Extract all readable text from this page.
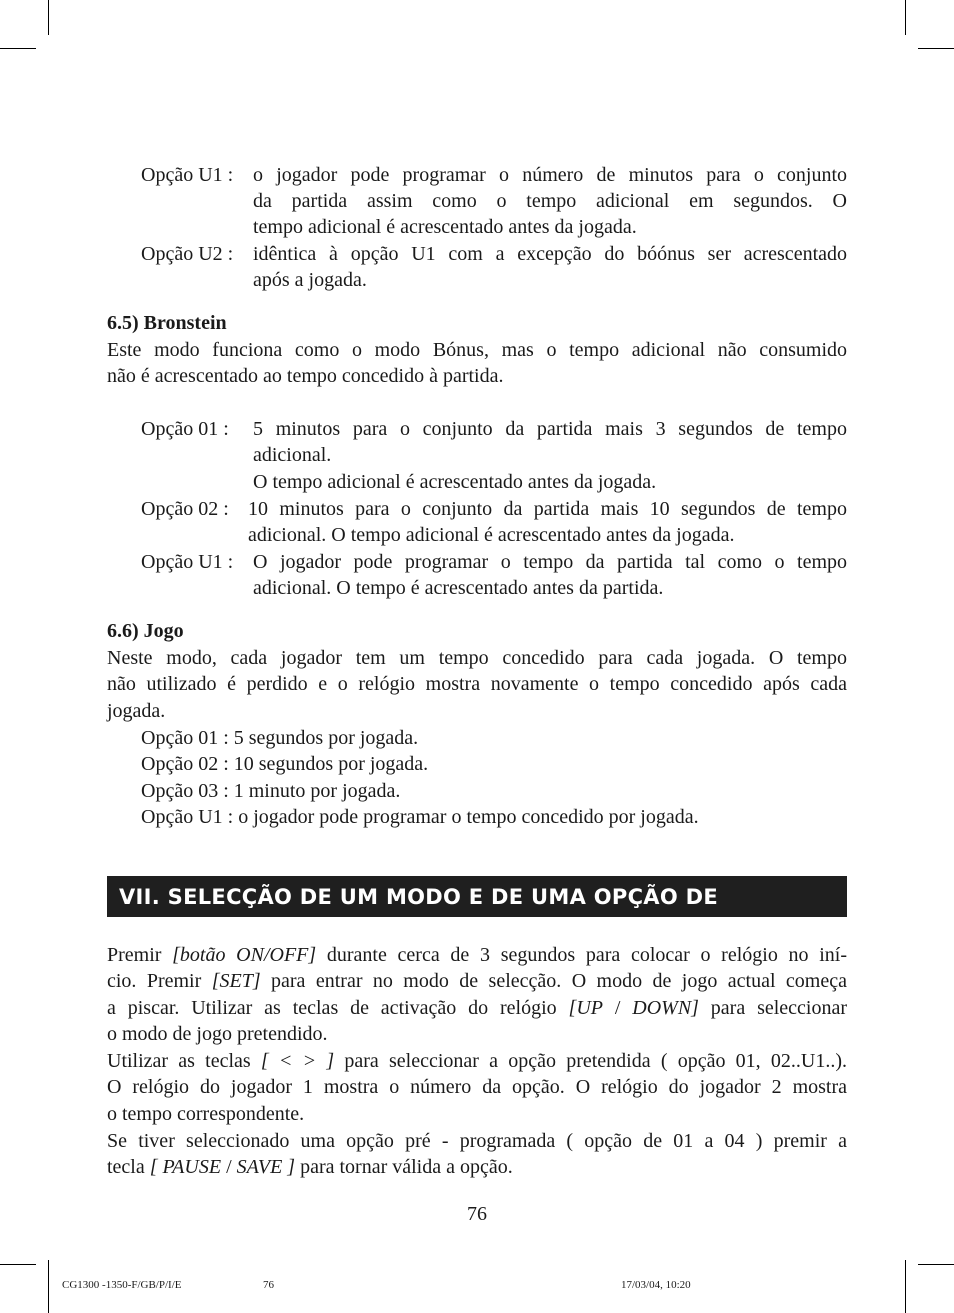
Opção U1 : o jogador pode programar o número de minutos para o conjunto
da partida assim como o tempo adicional em segundos. O
tempo adicional é acrescentado antes da jogada.
Opção U2 : idêntica à opção U1 com a excepção do bóónus ser acrescentado
após a jogada.
6.5) Bronstein
Este modo funciona como o modo Bónus, mas o tempo adicional não consumido
não é acrescentado ao tempo concedido à partida.
Opção 01 : 5 minutos para o conjunto da partida mais 3 segundos de tempo
adicional.
O tempo adicional é acrescentado antes da jogada.
Opção 02 : 10 minutos para o conjunto da partida mais 10 segundos de tempo
adicional. O tempo adicional é acrescentado antes da jogada.
Opção U1 : O jogador pode programar o tempo da partida tal como o tempo
adicional. O tempo é acrescentado antes da partida.
6.6) Jogo
Neste modo, cada jogador tem um tempo concedido para cada jogada. O tempo
não utilizado é perdido e o relógio mostra novamente o tempo concedido após cada
jogada.
Opção 01 : 5 segundos por jogada.
Opção 02 : 10 segundos por jogada.
Opção 03 : 1 minuto por jogada.
Opção U1 : o jogador pode programar o tempo concedido por jogada.
Premir [botão ON/OFF] durante cerca de 3 segundos para colocar o relógio no iní-
cio. Premir [SET] para entrar no modo de selecção. O modo de jogo actual começa
a piscar. Utilizar as teclas de activação do relógio [UP / DOWN] para seleccionar
o modo de jogo pretendido.
Utilizar as teclas [ < > ] para seleccionar a opção pretendida ( opção 01, 02..U1..).
O relógio do jogador 1 mostra o número da opção. O relógio do jogador 2 mostra
o tempo correspondente.
Se tiver seleccionado uma opção pré - programada ( opção de 01 a 04 ) premir a
tecla [ PAUSE / SAVE ] para tornar válida a opção.
VII. SELECÇÃO DE UM MODO E DE UMA OPÇÃO DE
76
CG1300 -1350-F/GB/P/I/E	76	17/03/04, 10:20
